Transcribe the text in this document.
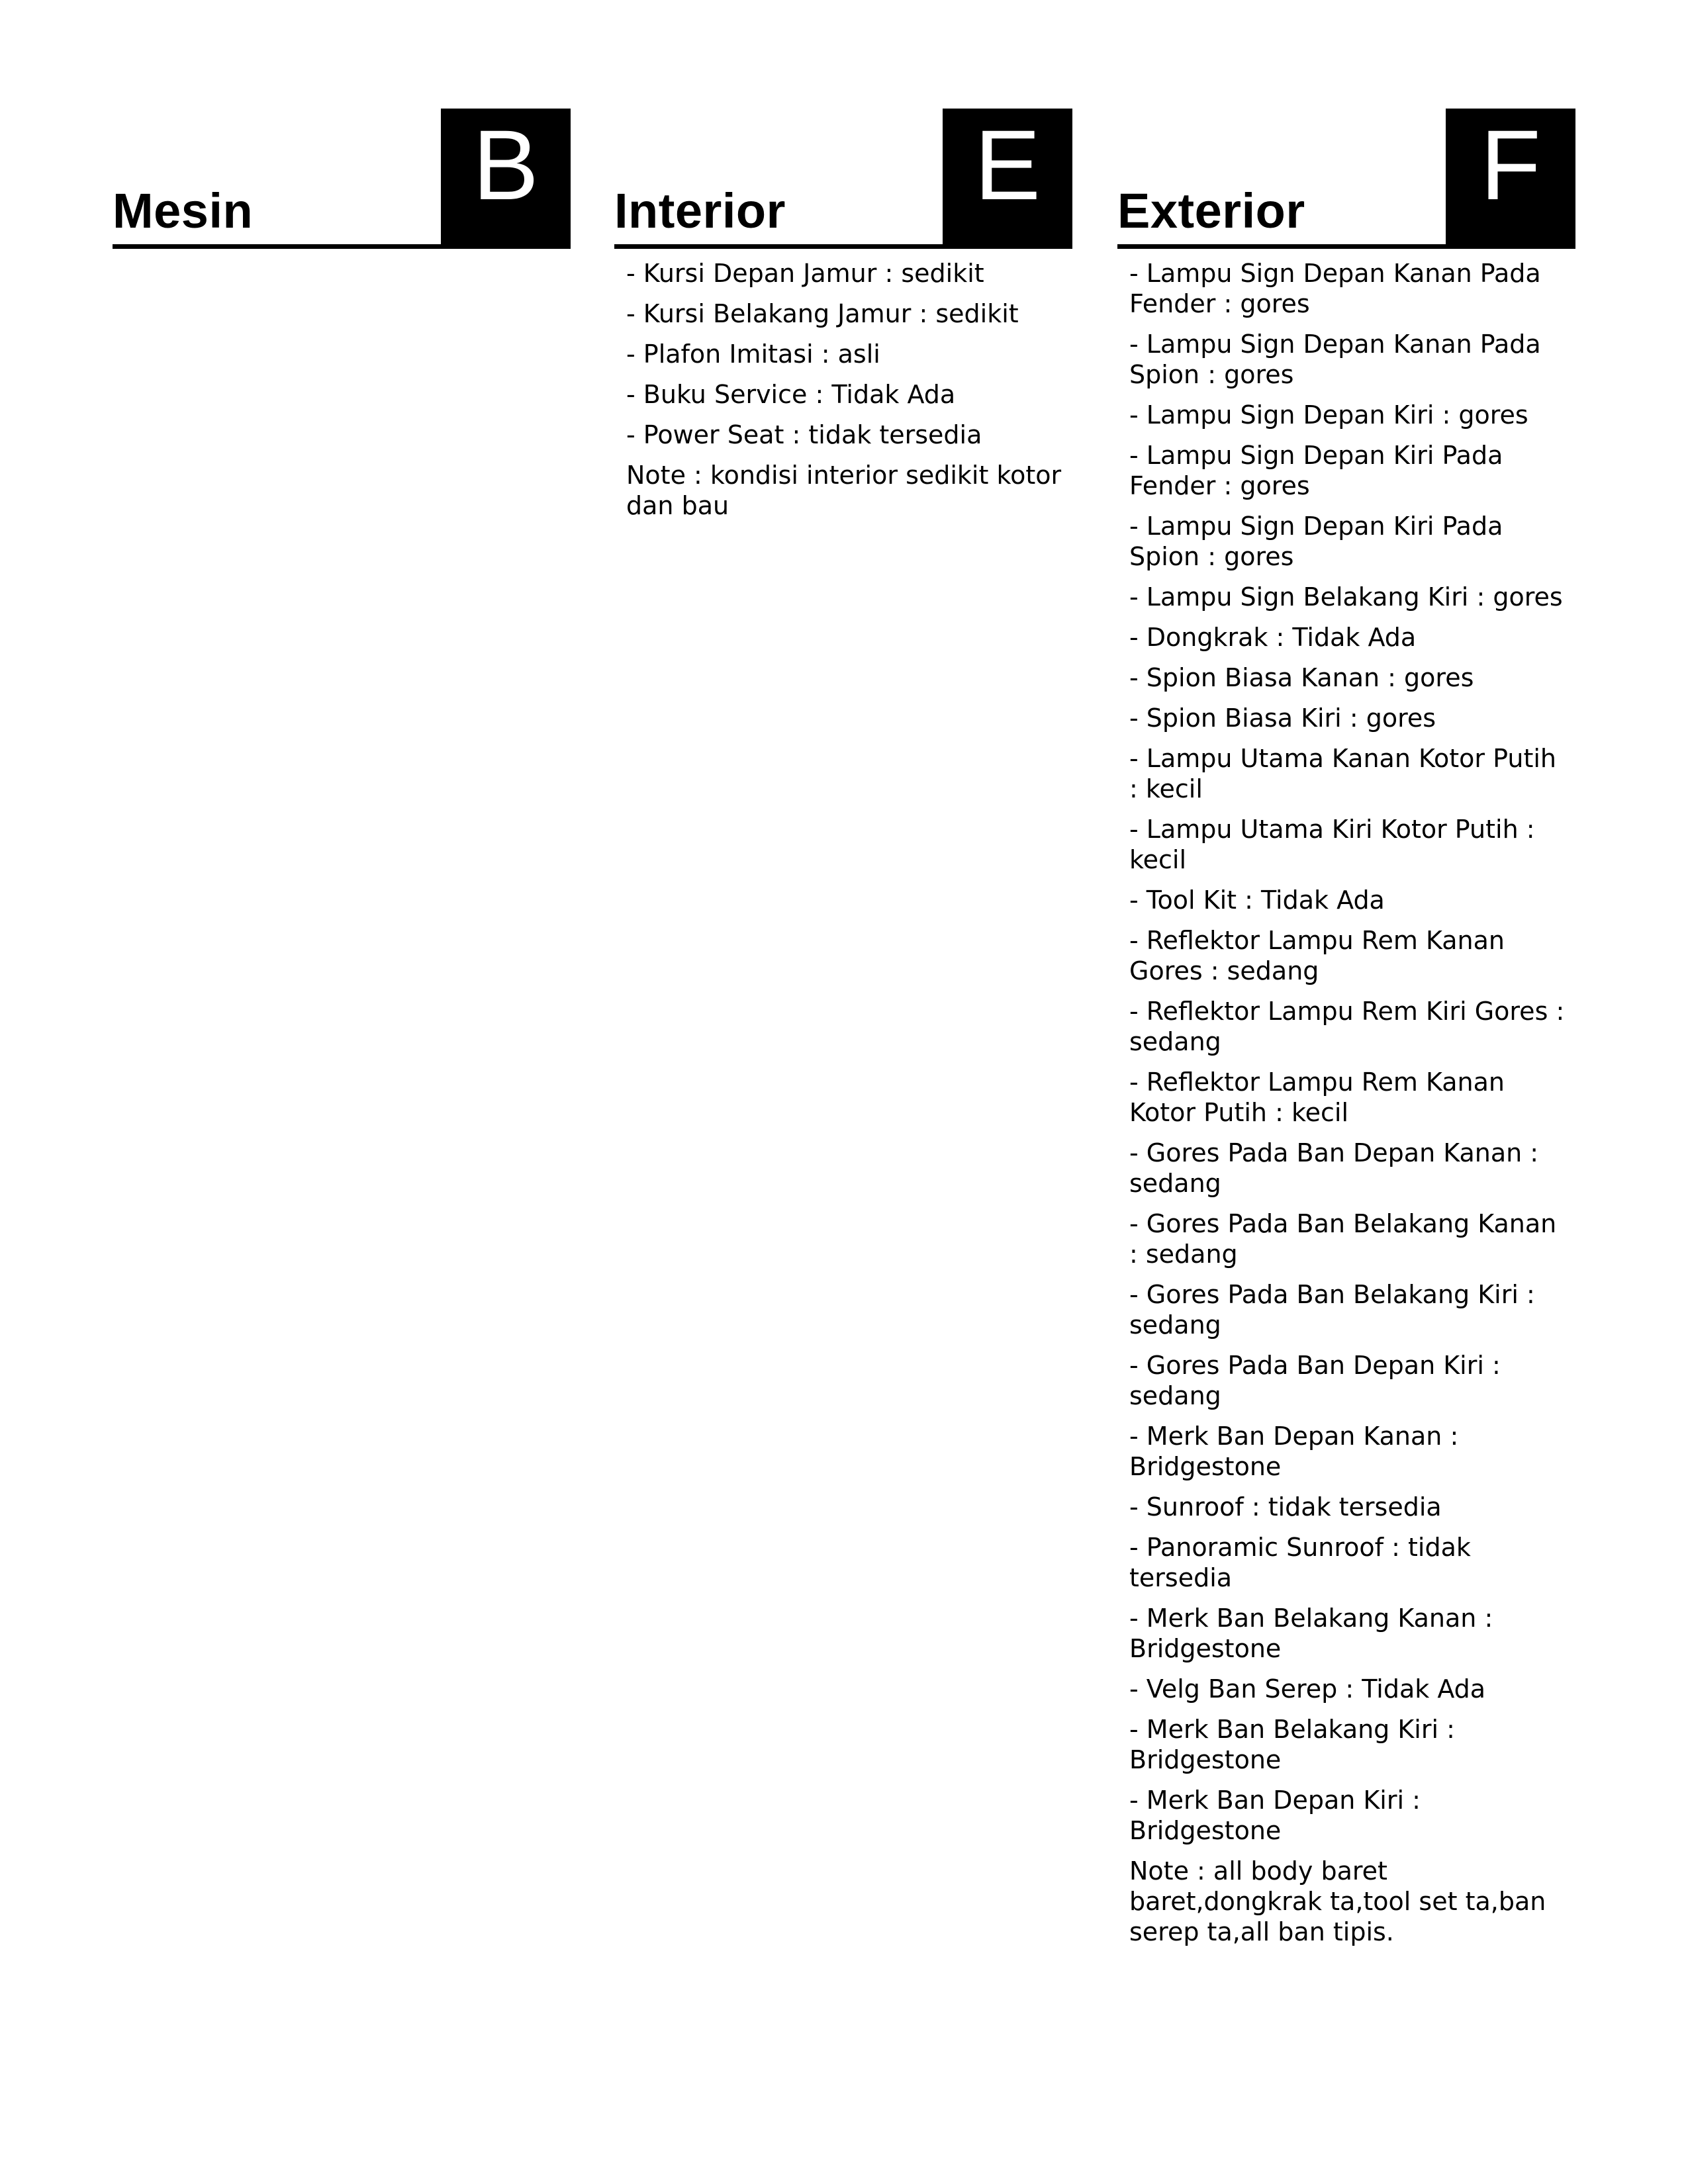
Mesin	B	Interior	E
- Kursi Depan Jamur : sedikit
- Kursi Belakang Jamur : sedikit
- Plafon Imitasi : asli
- Buku Service : Tidak Ada
- Power Seat : tidak tersedia

Note : kondisi interior sedikit kotor dan bau

Exterior	F
- Lampu Sign Depan Kanan Pada Fender : gores
- Lampu Sign Depan Kanan Pada Spion : gores
- Lampu Sign Depan Kiri : gores
- Lampu Sign Depan Kiri Pada Fender : gores
- Lampu Sign Depan Kiri Pada Spion : gores
- Lampu Sign Belakang Kiri : gores
- Dongkrak : Tidak Ada
- Spion Biasa Kanan : gores
- Spion Biasa Kiri : gores
- Lampu Utama Kanan Kotor Putih : kecil
- Lampu Utama Kiri Kotor Putih : kecil
- Tool Kit : Tidak Ada
- Reflektor Lampu Rem Kanan Gores : sedang
- Reflektor Lampu Rem Kiri Gores : sedang
- Reflektor Lampu Rem Kanan Kotor Putih : kecil
- Gores Pada Ban Depan Kanan : sedang
- Gores Pada Ban Belakang Kanan : sedang
- Gores Pada Ban Belakang Kiri : sedang
- Gores Pada Ban Depan Kiri : sedang
- Merk Ban Depan Kanan : Bridgestone
- Sunroof : tidak tersedia
- Panoramic Sunroof : tidak tersedia
- Merk Ban Belakang Kanan : Bridgestone
- Velg Ban Serep : Tidak Ada
- Merk Ban Belakang Kiri : Bridgestone
- Merk Ban Depan Kiri : Bridgestone

Note : all body baret baret,dongkrak ta,tool set ta,ban serep ta,all ban tipis.
